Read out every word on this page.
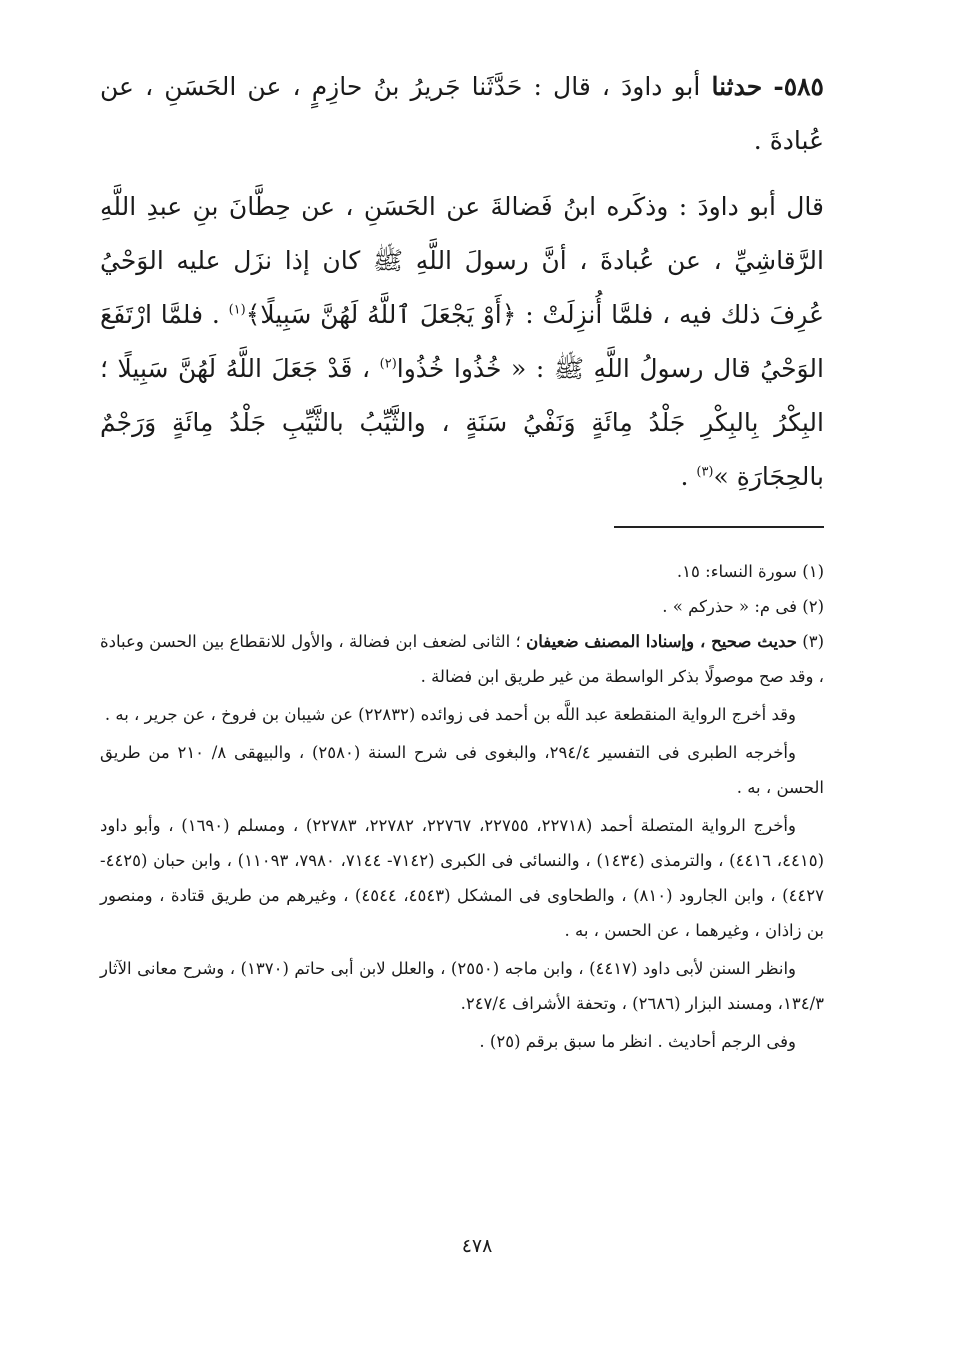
٥٨٥- حدثنا أبو داودَ ، قال : حَدَّثَنا جَريرُ بنُ حازِمٍ ، عن الحَسَنِ ، عن عُبادةَ .

قال أبو داودَ : وذكَره ابنُ فَضالةَ عن الحَسَنِ ، عن حِطَّانَ بنِ عبدِ اللَّهِ الرَّقاشِيِّ ، عن عُبادةَ ، أنَّ رسولَ اللَّهِ ﷺ كان إذا نزَل عليه الوَحْيُ عُرِفَ ذلك فيه ، فلمَّا أُنزِلَتْ : ﴿أَوْ يَجْعَلَ ٱللَّهُ لَهُنَّ سَبِيلًا﴾$^{(١)}$ . فلمَّا ارْتَفَعَ الوَحْيُ قال رسولُ اللَّهِ ﷺ : « خُذُوا خُذُوا$^{(٢)}$ ، قَدْ جَعَلَ اللَّهُ لَهُنَّ سَبِيلًا ؛ البِكْرُ بِالبِكْرِ جَلْدُ مِائَةٍ وَنَفْيُ سَنَةٍ ، والثَّيِّبُ بالثَّيِّبِ جَلْدُ مِائَةٍ وَرَجْمٌ بالحِجَارَةِ »$^{(٣)}$ .

(١) سورة النساء: ١٥.

(٢) فى م: « حذركم » .

(٣) حديث صحيح ، وإسنادا المصنف ضعيفان ؛ الثانى لضعف ابن فضالة ، والأول للانقطاع بين الحسن وعبادة ، وقد صح موصولًا بذكر الواسطة من غير طريق ابن فضالة .

وقد أخرج الرواية المنقطعة عبد اللَّه بن أحمد فى زوائده (٢٢٨٣٢) عن شيبان بن فروخ ، عن جرير ، به .

وأخرجه الطبرى فى التفسير ٢٩٤/٤، والبغوى فى شرح السنة (٢٥٨٠) ، والبيهقى ٨/ ٢١٠ من طريق الحسن ، به .

وأخرج الرواية المتصلة أحمد (٢٢٧١٨، ٢٢٧٥٥، ٢٢٧٦٧، ٢٢٧٨٢، ٢٢٧٨٣) ، ومسلم (١٦٩٠) ، وأبو داود (٤٤١٥، ٤٤١٦) ، والترمذى (١٤٣٤) ، والنسائى فى الكبرى (٧١٤٢- ٧١٤٤، ٧٩٨٠، ١١٠٩٣) ، وابن حبان (٤٤٢٥- ٤٤٢٧) ، وابن الجارود (٨١٠) ، والطحاوى فى المشكل (٤٥٤٣، ٤٥٤٤) ، وغيرهم من طريق قتادة ، ومنصور بن زاذان ، وغيرهما ، عن الحسن ، به .

وانظر السنن لأبى داود (٤٤١٧) ، وابن ماجه (٢٥٥٠) ، والعلل لابن أبى حاتم (١٣٧٠) ، وشرح معانى الآثار ١٣٤/٣، ومسند البزار (٢٦٨٦) ، وتحفة الأشراف ٢٤٧/٤.

وفى الرجم أحاديث . انظر ما سبق برقم (٢٥) .

٤٧٨
